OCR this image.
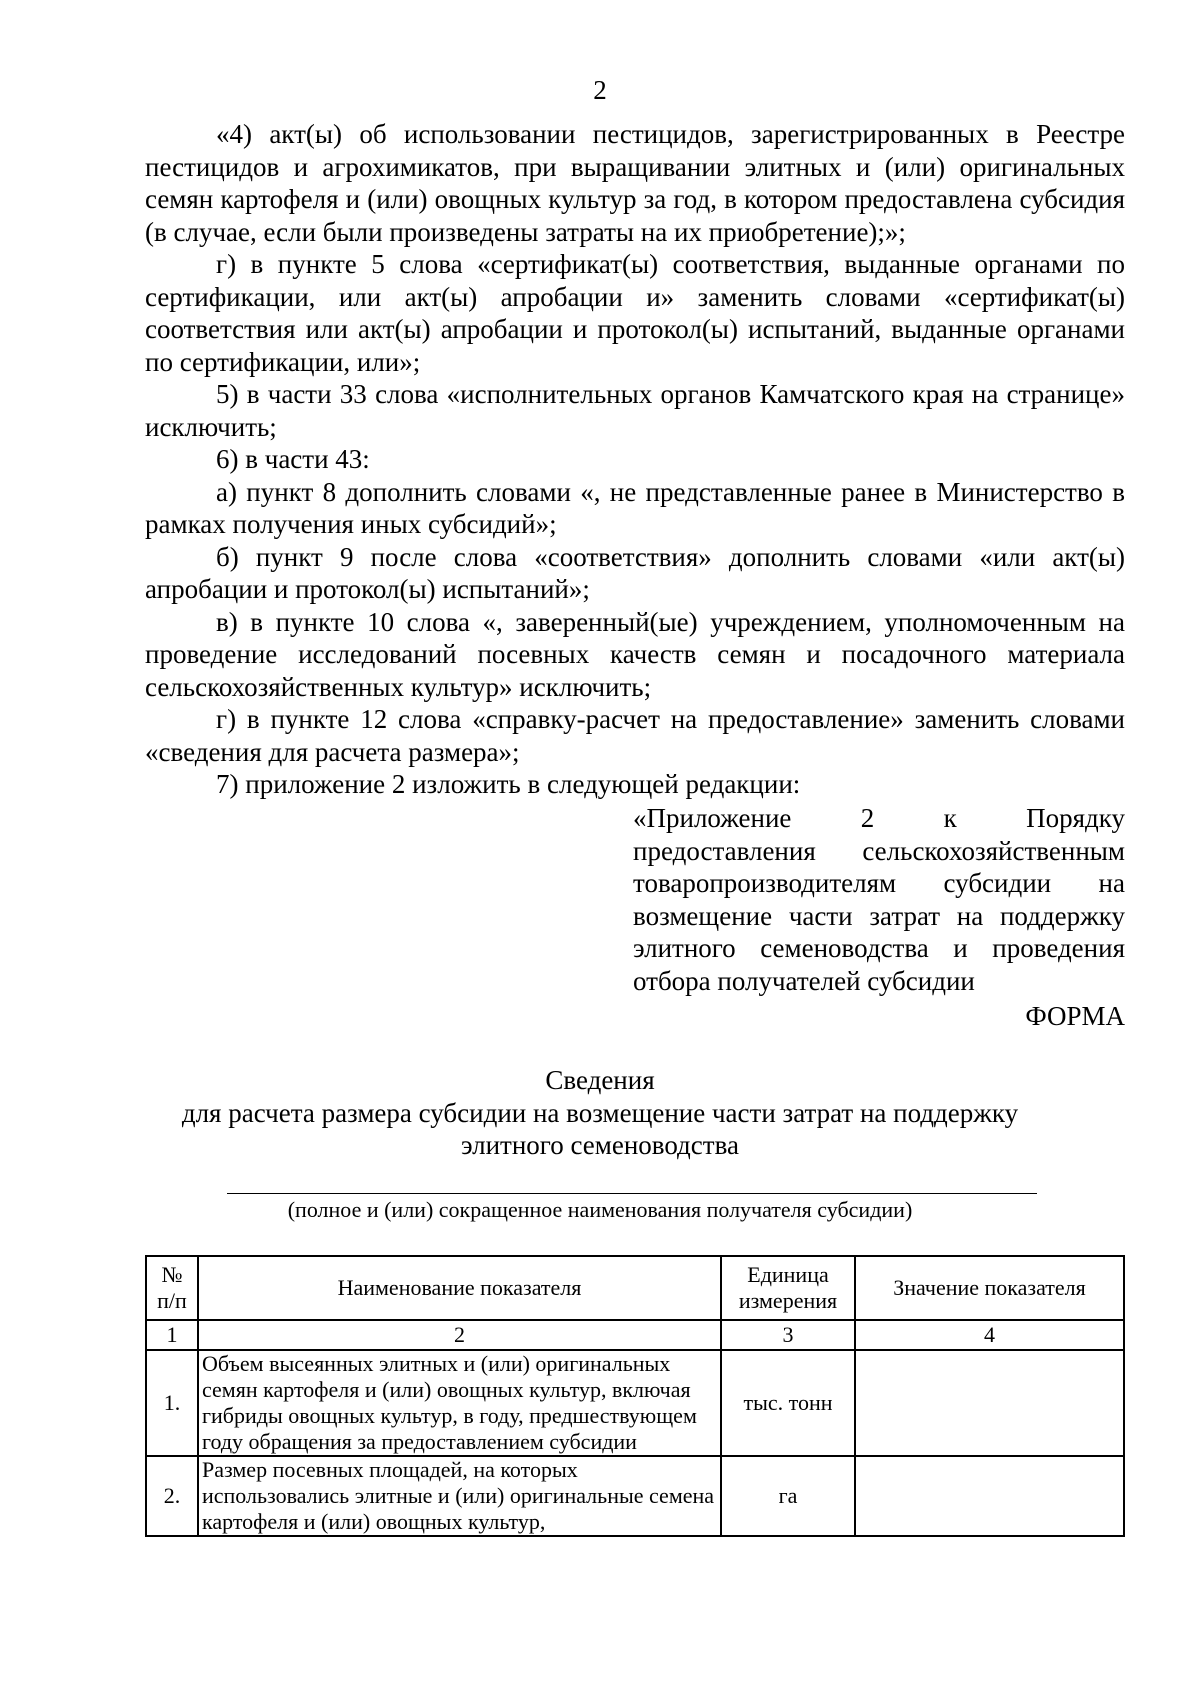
2

«4) акт(ы) об использовании пестицидов, зарегистрированных в Реестре пестицидов и агрохимикатов, при выращивании элитных и (или) оригинальных семян картофеля и (или) овощных культур за год, в котором предоставлена субсидия (в случае, если были произведены затраты на их приобретение);»;

г) в пункте 5 слова «сертификат(ы) соответствия, выданные органами по сертификации, или акт(ы) апробации и» заменить словами «сертификат(ы) соответствия или акт(ы) апробации и протокол(ы) испытаний, выданные органами по сертификации, или»;

5) в части 33 слова «исполнительных органов Камчатского края на странице» исключить;

6) в части 43:

а) пункт 8 дополнить словами «, не представленные ранее в Министерство в рамках получения иных субсидий»;

б) пункт 9 после слова «соответствия» дополнить словами «или акт(ы) апробации и протокол(ы) испытаний»;

в) в пункте 10 слова «, заверенный(ые) учреждением, уполномоченным на проведение исследований посевных качеств семян и посадочного материала сельскохозяйственных культур» исключить;

г) в пункте 12 слова «справку-расчет на предоставление» заменить словами «сведения для расчета размера»;

7) приложение 2 изложить в следующей редакции:

«Приложение 2 к Порядку предоставления сельскохозяйственным товаропроизводителям субсидии на возмещение части затрат на поддержку элитного семеноводства и проведения отбора получателей субсидии
ФОРМА

Сведения

для расчета размера субсидии на возмещение части затрат на поддержку

элитного семеноводства

(полное и (или) сокращенное наименования получателя субсидии)
№ п/п	Наименование показателя	Единица измерения	Значение показателя
1	2	3	4
1.	Объем высеянных элитных и (или) оригинальных семян картофеля и (или) овощных культур, включая гибриды овощных культур, в году, предшествующем году обращения за предоставлением субсидии	тыс. тонн	
2.	Размер посевных площадей, на которых использовались элитные и (или) оригинальные семена картофеля и (или) овощных культур,	га	
